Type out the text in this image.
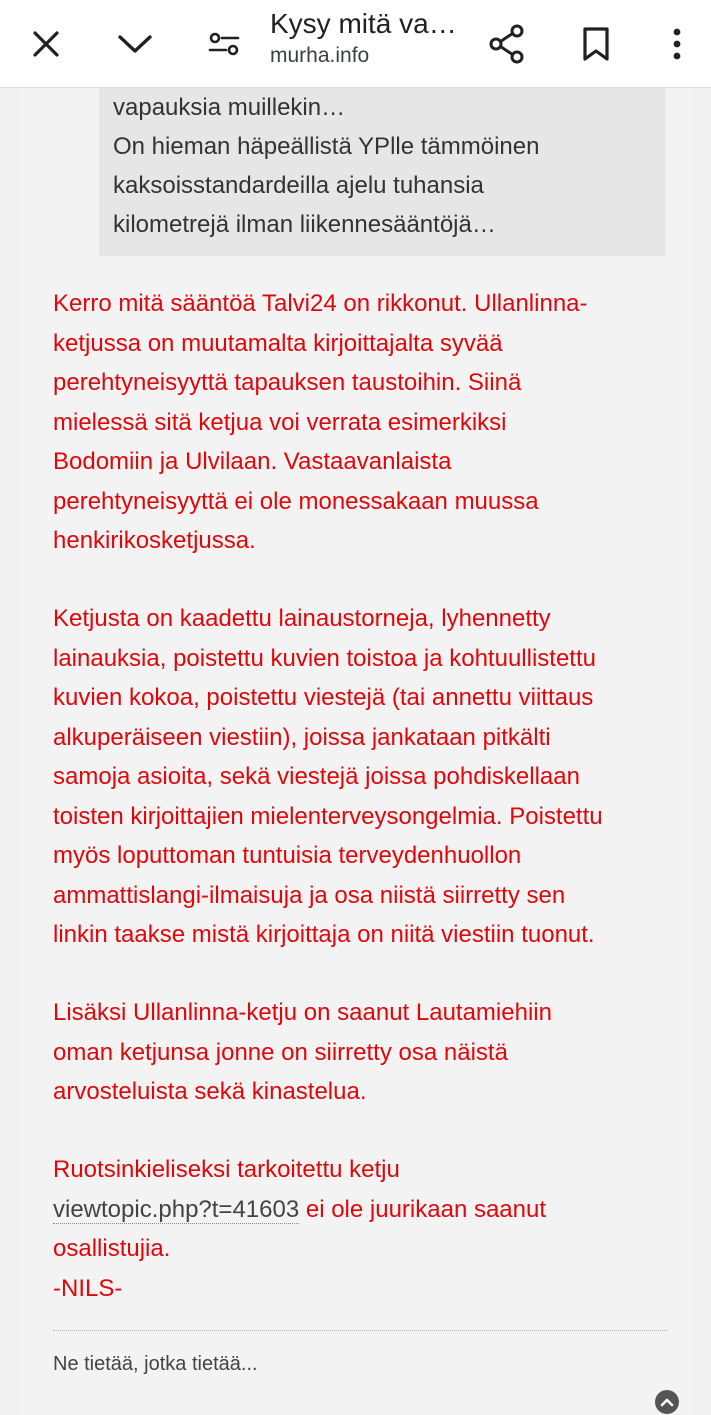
Kysy mitä va…
murha.info
vapauksia muillekin…
On hieman häpeällistä YPlle tämmöinen
kaksoisstandardeilla ajelu tuhansia
kilometrejä ilman liikennesääntöjä…
Kerro mitä sääntöä Talvi24 on rikkonut. Ullanlinna-
ketjussa on muutamalta kirjoittajalta syvää
perehtyneisyyttä tapauksen taustoihin. Siinä
mielessä sitä ketjua voi verrata esimerkiksi
Bodomiin ja Ulvilaan. Vastaavanlaista
perehtyneisyyttä ei ole monessakaan muussa
henkirikosketjussa.
Ketjusta on kaadettu lainaustorneja, lyhennetty
lainauksia, poistettu kuvien toistoa ja kohtuullistettu
kuvien kokoa, poistettu viestejä (tai annettu viittaus
alkuperäiseen viestiin), joissa jankataan pitkälti
samoja asioita, sekä viestejä joissa pohdiskellaan
toisten kirjoittajien mielenterveysongelmia. Poistettu
myös loputtoman tuntuisia terveydenhuollon
ammattislangi-ilmaisuja ja osa niistä siirretty sen
linkin taakse mistä kirjoittaja on niitä viestiin tuonut.
Lisäksi Ullanlinna-ketju on saanut Lautamiehiin
oman ketjunsa jonne on siirretty osa näistä
arvosteluista sekä kinastelua.
Ruotsinkieliseksi tarkoitettu ketju
viewtopic.php?t=41603 ei ole juurikaan saanut
osallistujia.
-NILS-
Ne tietää, jotka tietää...
